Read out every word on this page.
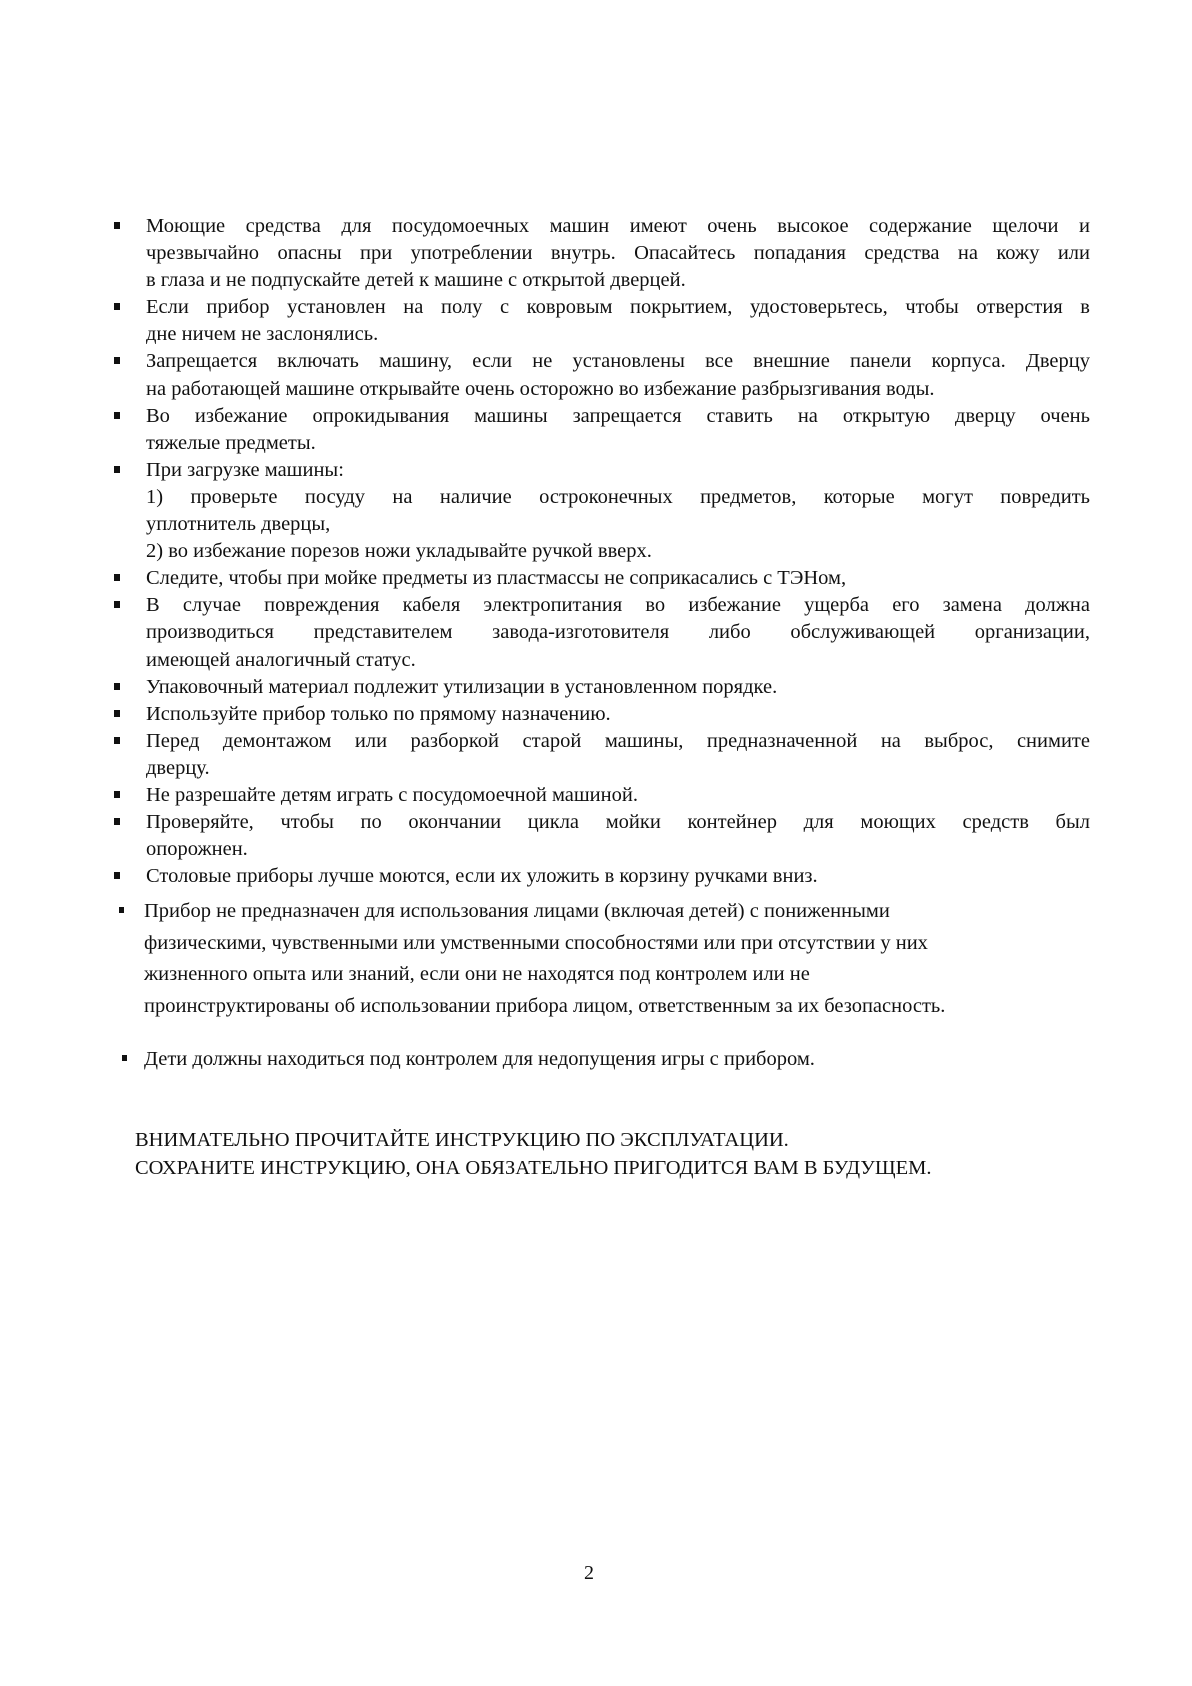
Моющие средства для посудомоечных машин имеют очень высокое содержание щелочи и
чрезвычайно опасны при употреблении внутрь. Опасайтесь попадания средства на кожу или
в глаза и не подпускайте детей к машине с открытой дверцей.
Если прибор установлен на полу с ковровым покрытием, удостоверьтесь, чтобы отверстия в
дне ничем не заслонялись.
Запрещается включать машину, если не установлены все внешние панели корпуса. Дверцу
на работающей машине открывайте очень осторожно во избежание разбрызгивания воды.
Во избежание опрокидывания машины запрещается ставить на открытую дверцу очень
тяжелые предметы.
При загрузке машины:
1) проверьте посуду на наличие остроконечных предметов, которые могут повредить
уплотнитель дверцы,
2) во избежание порезов ножи укладывайте ручкой вверх.
Следите, чтобы при мойке предметы из пластмассы не соприкасались с ТЭНом,
В случае повреждения кабеля электропитания во избежание ущерба его замена должна
производиться представителем завода-изготовителя либо обслуживающей организации,
имеющей аналогичный статус.
Упаковочный материал подлежит утилизации в установленном порядке.
Используйте прибор только по прямому назначению.
Перед демонтажом или разборкой старой машины, предназначенной на выброс, снимите
дверцу.
Не разрешайте детям играть с посудомоечной машиной.
Проверяйте, чтобы по окончании цикла мойки контейнер для моющих средств был
опорожнен.
Столовые приборы лучше моются, если их уложить в корзину ручками вниз.
Прибор не предназначен для использования лицами (включая детей) с пониженными
физическими, чувственными или умственными способностями или при отсутствии у них
жизненного опыта или знаний, если они не находятся под контролем или не
проинструктированы об использовании прибора лицом, ответственным за их безопасность.
Дети должны находиться под контролем для недопущения игры с прибором.
ВНИМАТЕЛЬНО ПРОЧИТАЙТЕ ИНСТРУКЦИЮ ПО ЭКСПЛУАТАЦИИ.
СОХРАНИТЕ ИНСТРУКЦИЮ, ОНА ОБЯЗАТЕЛЬНО ПРИГОДИТСЯ ВАМ В БУДУЩЕМ.
2
